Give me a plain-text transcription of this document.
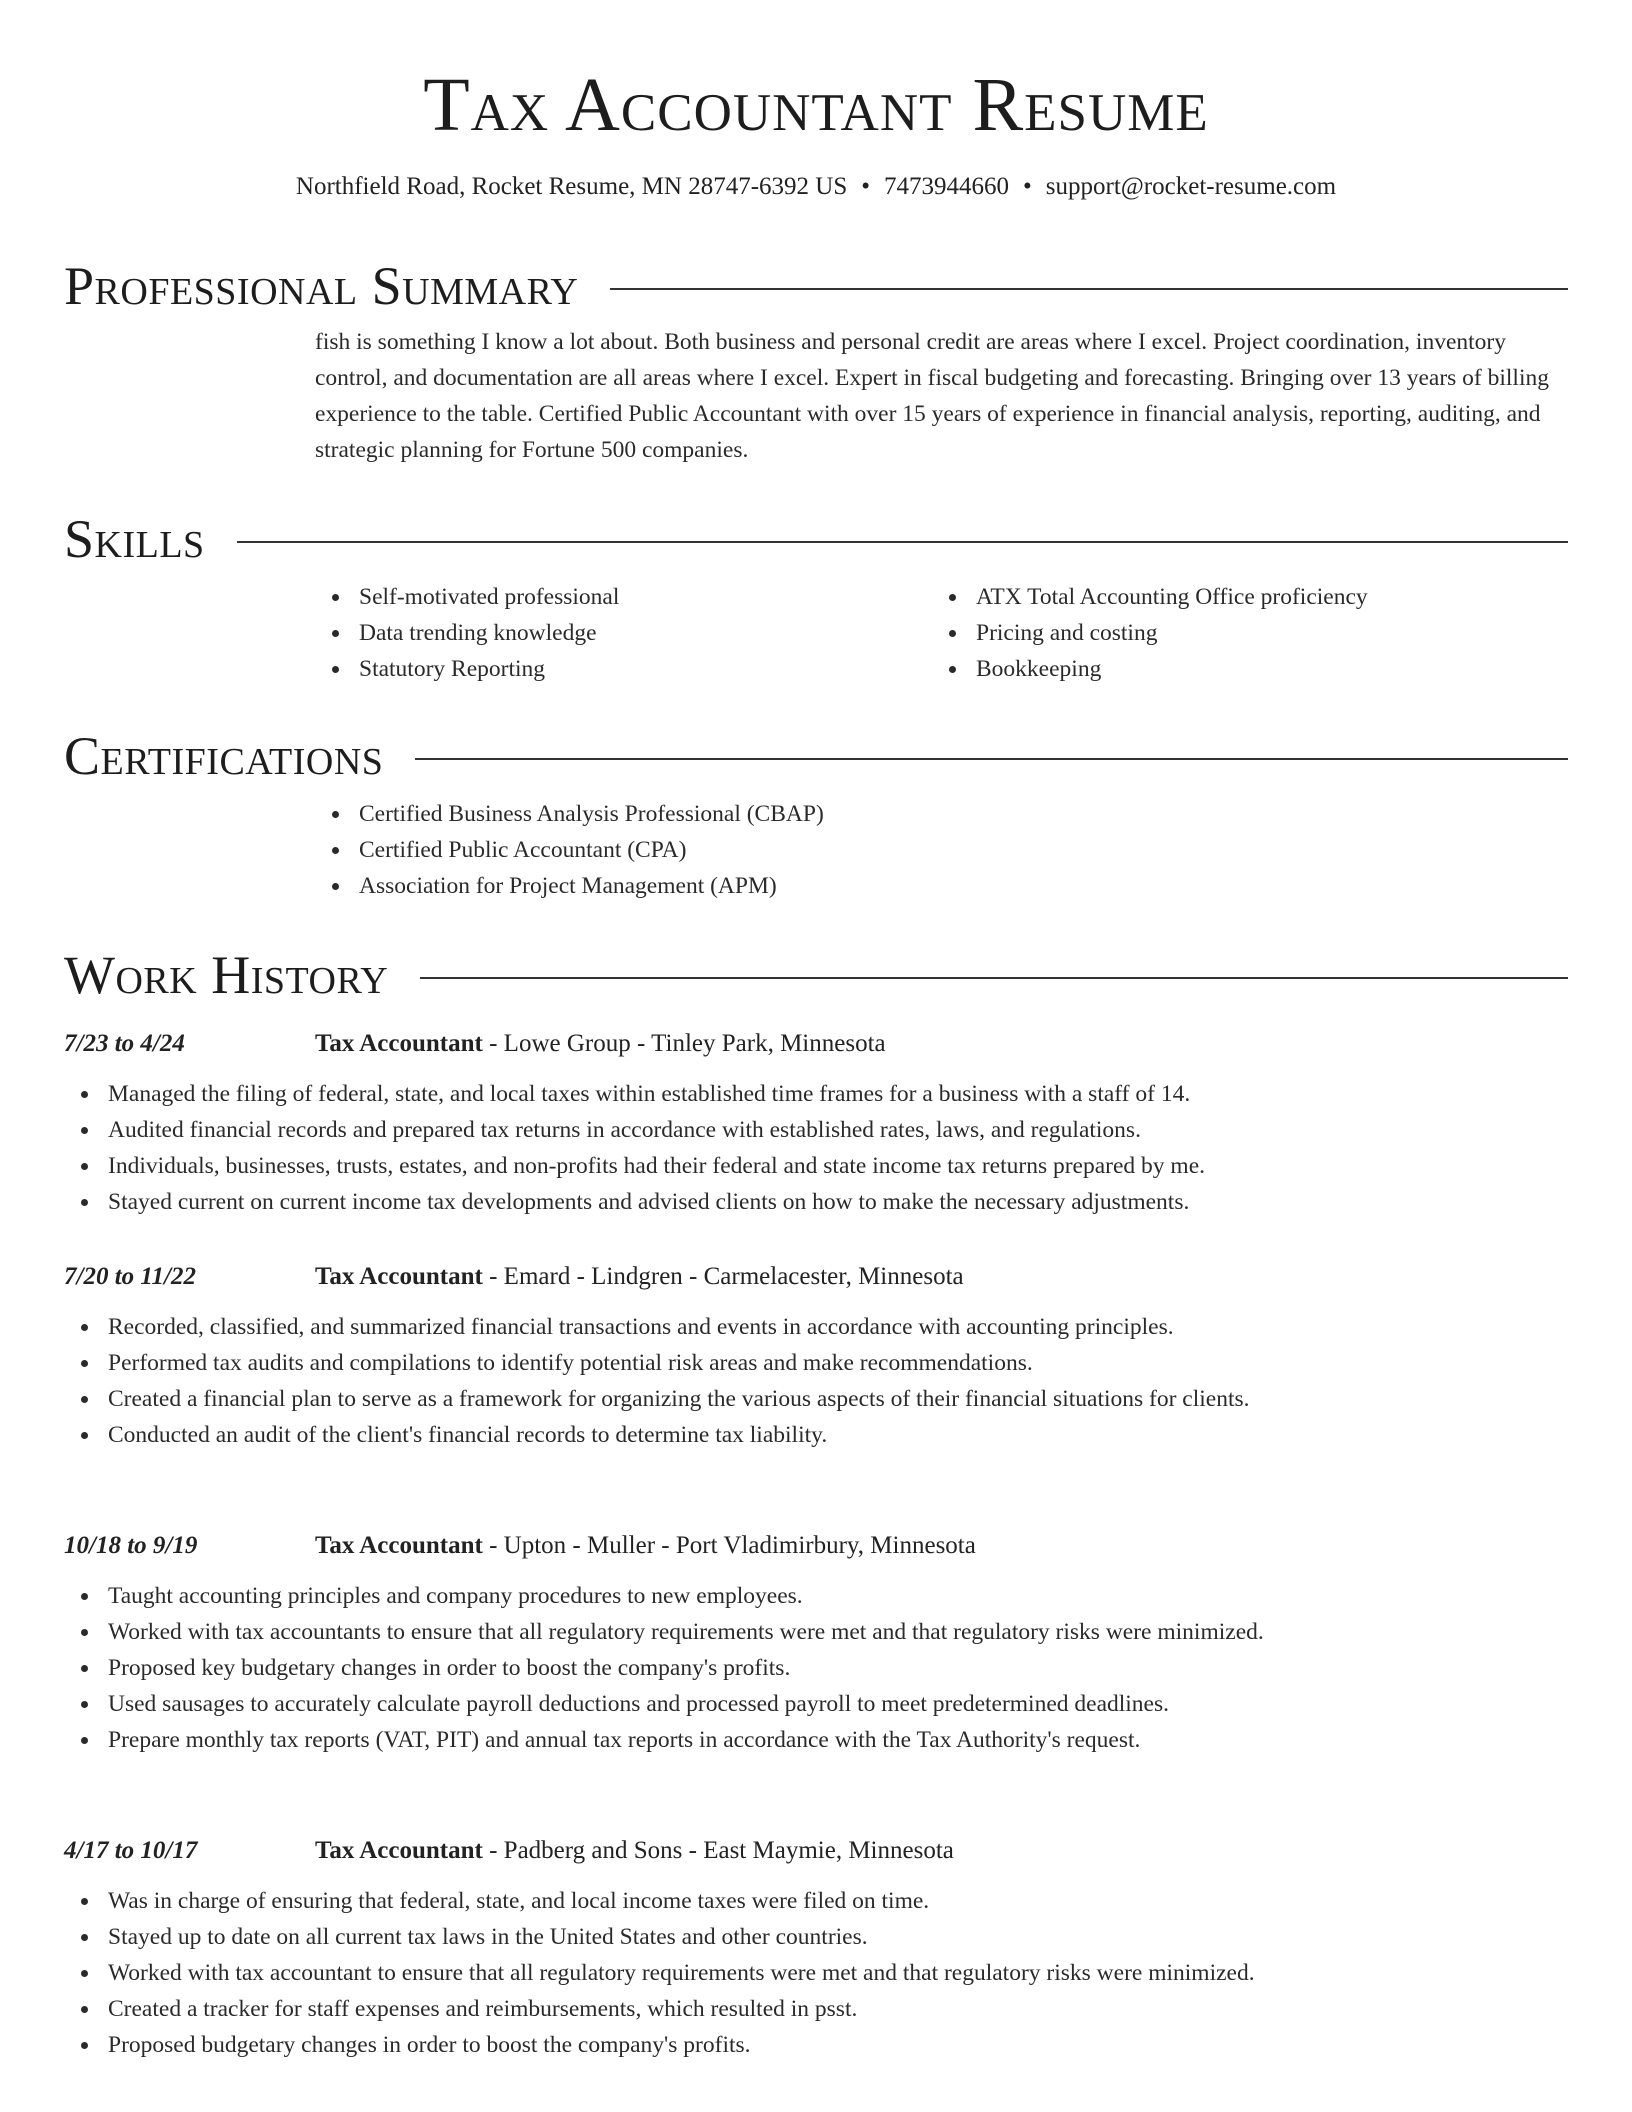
Tax Accountant Resume
Northfield Road, Rocket Resume, MN 28747-6392 US • 7473944660 • support@rocket-resume.com
Professional Summary
fish is something I know a lot about. Both business and personal credit are areas where I excel. Project coordination, inventory control, and documentation are all areas where I excel. Expert in fiscal budgeting and forecasting. Bringing over 13 years of billing experience to the table. Certified Public Accountant with over 15 years of experience in financial analysis, reporting, auditing, and strategic planning for Fortune 500 companies.
Skills
Self-motivated professional
Data trending knowledge
Statutory Reporting
ATX Total Accounting Office proficiency
Pricing and costing
Bookkeeping
Certifications
Certified Business Analysis Professional (CBAP)
Certified Public Accountant (CPA)
Association for Project Management (APM)
Work History
7/23 to 4/24	Tax Accountant - Lowe Group - Tinley Park, Minnesota
Managed the filing of federal, state, and local taxes within established time frames for a business with a staff of 14.
Audited financial records and prepared tax returns in accordance with established rates, laws, and regulations.
Individuals, businesses, trusts, estates, and non-profits had their federal and state income tax returns prepared by me.
Stayed current on current income tax developments and advised clients on how to make the necessary adjustments.
7/20 to 11/22	Tax Accountant - Emard - Lindgren - Carmelacester, Minnesota
Recorded, classified, and summarized financial transactions and events in accordance with accounting principles.
Performed tax audits and compilations to identify potential risk areas and make recommendations.
Created a financial plan to serve as a framework for organizing the various aspects of their financial situations for clients.
Conducted an audit of the client's financial records to determine tax liability.
10/18 to 9/19	Tax Accountant - Upton - Muller - Port Vladimirbury, Minnesota
Taught accounting principles and company procedures to new employees.
Worked with tax accountants to ensure that all regulatory requirements were met and that regulatory risks were minimized.
Proposed key budgetary changes in order to boost the company's profits.
Used sausages to accurately calculate payroll deductions and processed payroll to meet predetermined deadlines.
Prepare monthly tax reports (VAT, PIT) and annual tax reports in accordance with the Tax Authority's request.
4/17 to 10/17	Tax Accountant - Padberg and Sons - East Maymie, Minnesota
Was in charge of ensuring that federal, state, and local income taxes were filed on time.
Stayed up to date on all current tax laws in the United States and other countries.
Worked with tax accountant to ensure that all regulatory requirements were met and that regulatory risks were minimized.
Created a tracker for staff expenses and reimbursements, which resulted in psst.
Proposed budgetary changes in order to boost the company's profits.
